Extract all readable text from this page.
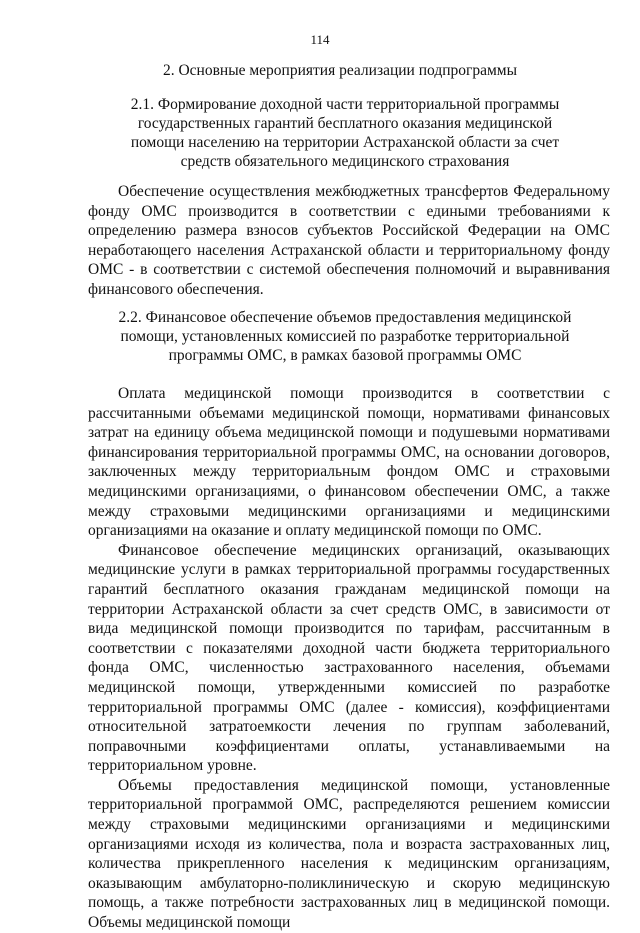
114
2. Основные мероприятия реализации подпрограммы
2.1. Формирование доходной части территориальной программы государственных гарантий бесплатного оказания медицинской помощи населению на территории Астраханской области за счет средств обязательного медицинского страхования
Обеспечение осуществления межбюджетных трансфертов Федеральному фонду ОМС производится в соответствии с едиными требованиями к определению размера взносов субъектов Российской Федерации на ОМС неработающего населения Астраханской области и территориальному фонду ОМС - в соответствии с системой обеспечения полномочий и выравнивания финансового обеспечения.
2.2. Финансовое обеспечение объемов предоставления медицинской помощи, установленных комиссией по разработке территориальной программы ОМС, в рамках базовой программы ОМС
Оплата медицинской помощи производится в соответствии с рассчитанными объемами медицинской помощи, нормативами финансовых затрат на единицу объема медицинской помощи и подушевыми нормативами финансирования территориальной программы ОМС, на основании договоров, заключенных между территориальным фондом ОМС и страховыми медицинскими организациями, о финансовом обеспечении ОМС, а также между страховыми медицинскими организациями и медицинскими организациями на оказание и оплату медицинской помощи по ОМС.
Финансовое обеспечение медицинских организаций, оказывающих медицинские услуги в рамках территориальной программы государственных гарантий бесплатного оказания гражданам медицинской помощи на территории Астраханской области за счет средств ОМС, в зависимости от вида медицинской помощи производится по тарифам, рассчитанным в соответствии с показателями доходной части бюджета территориального фонда ОМС, численностью застрахованного населения, объемами медицинской помощи, утвержденными комиссией по разработке территориальной программы ОМС (далее - комиссия), коэффициентами относительной затратоемкости лечения по группам заболеваний, поправочными коэффициентами оплаты, устанавливаемыми на территориальном уровне.
Объемы предоставления медицинской помощи, установленные территориальной программой ОМС, распределяются решением комиссии между страховыми медицинскими организациями и медицинскими организациями исходя из количества, пола и возраста застрахованных лиц, количества прикрепленного населения к медицинским организациям, оказывающим амбулаторно-поликлиническую и скорую медицинскую помощь, а также потребности застрахованных лиц в медицинской помощи. Объемы медицинской помощи
